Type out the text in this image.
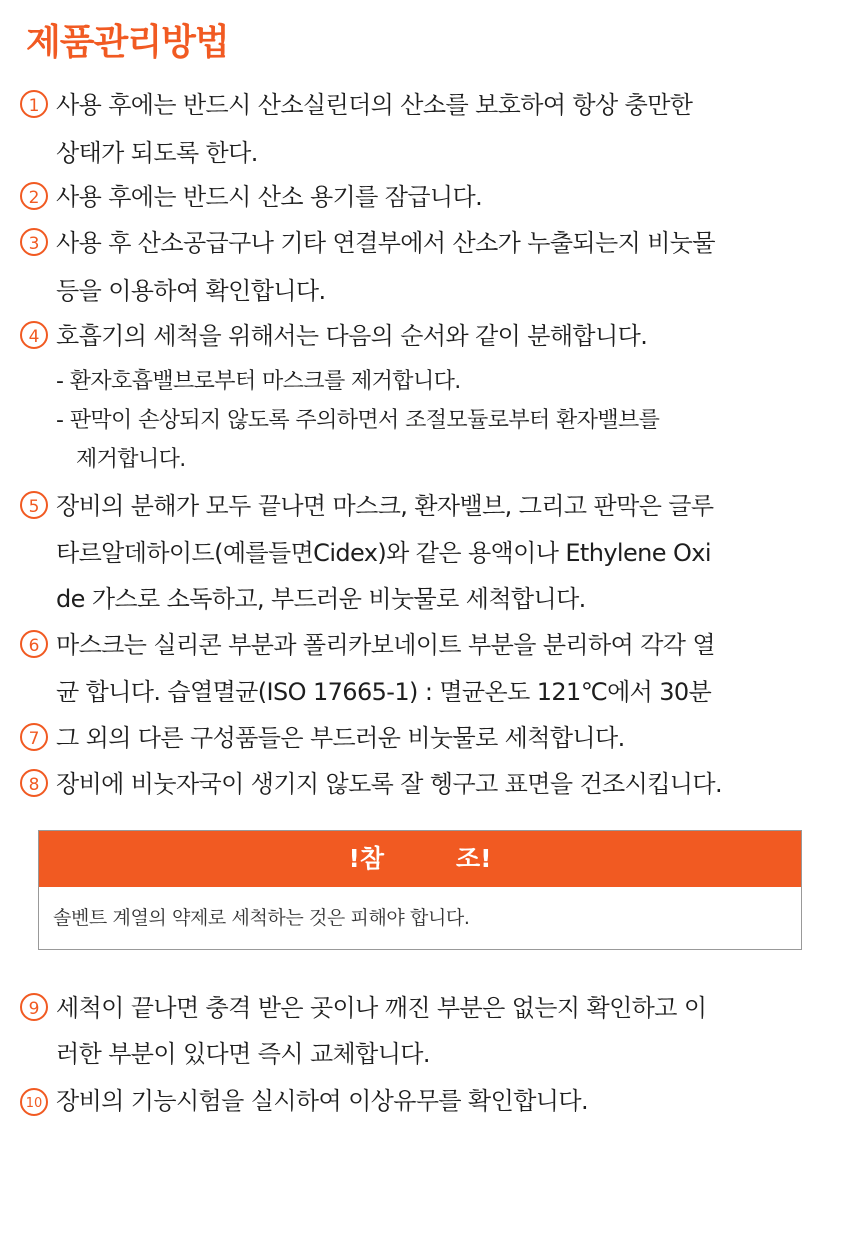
제품관리방법
1 사용 후에는 반드시 산소실린더의 산소를 보호하여 항상 충만한
상태가 되도록 한다.
2 사용 후에는 반드시 산소 용기를 잠급니다.
3 사용 후 산소공급구나 기타 연결부에서 산소가 누출되는지 비눗물
등을 이용하여 확인합니다.
4 호흡기의 세척을 위해서는 다음의 순서와 같이 분해합니다.
- 환자호흡밸브로부터 마스크를 제거합니다.
- 판막이 손상되지 않도록 주의하면서 조절모듈로부터 환자밸브를
제거합니다.
5 장비의 분해가 모두 끝나면 마스크, 환자밸브, 그리고 판막은 글루
타르알데하이드(예를들면Cidex)와 같은 용액이나 Ethylene Oxi
de 가스로 소독하고, 부드러운 비눗물로 세척합니다.
6 마스크는 실리콘 부분과 폴리카보네이트 부분을 분리하여 각각 열
균 합니다. 습열멸균(ISO 17665-1) : 멸균온도 121℃에서 30분
7 그 외의 다른 구성품들은 부드러운 비눗물로 세척합니다.
8 장비에 비눗자국이 생기지 않도록 잘 헹구고 표면을 건조시킵니다.
!참	조!
솔벤트 계열의 약제로 세척하는 것은 피해야 합니다.
9 세척이 끝나면 충격 받은 곳이나 깨진 부분은 없는지 확인하고 이
러한 부분이 있다면 즉시 교체합니다.
10 장비의 기능시험을 실시하여 이상유무를 확인합니다.
